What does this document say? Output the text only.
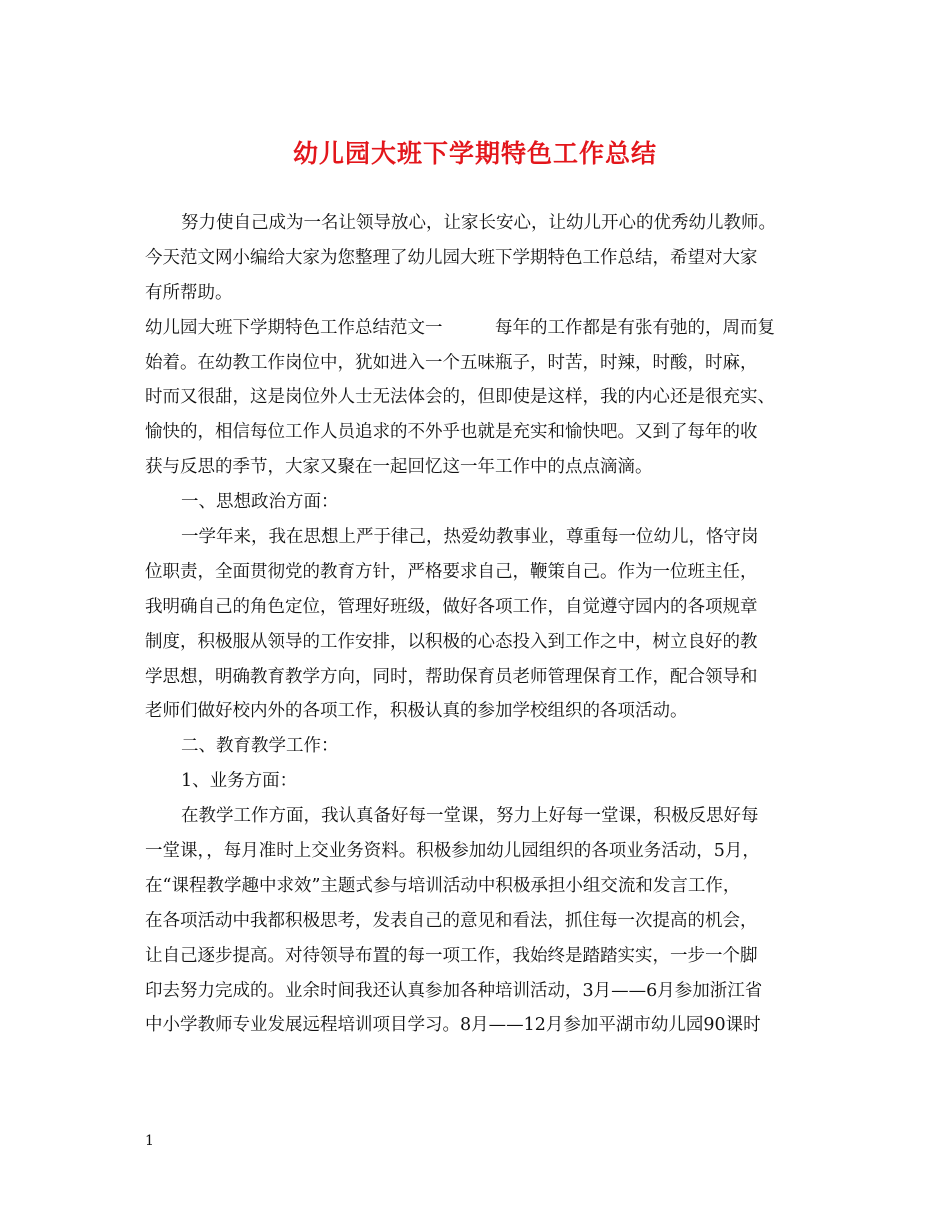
幼儿园大班下学期特色工作总结
努力使自己成为一名让领导放心，让家长安心，让幼儿开心的优秀幼儿教师。
今天范文网小编给大家为您整理了幼儿园大班下学期特色工作总结，希望对大家
有所帮助。
幼儿园大班下学期特色工作总结范文一　　　每年的工作都是有张有弛的，周而复
始着。在幼教工作岗位中，犹如进入一个五味瓶子，时苦，时辣，时酸，时麻，
时而又很甜，这是岗位外人士无法体会的，但即使是这样，我的内心还是很充实、
愉快的，相信每位工作人员追求的不外乎也就是充实和愉快吧。又到了每年的收
获与反思的季节，大家又聚在一起回忆这一年工作中的点点滴滴。
一、思想政治方面：
一学年来，我在思想上严于律己，热爱幼教事业，尊重每一位幼儿，恪守岗
位职责，全面贯彻党的教育方针，严格要求自己，鞭策自己。作为一位班主任，
我明确自己的角色定位，管理好班级，做好各项工作，自觉遵守园内的各项规章
制度，积极服从领导的工作安排，以积极的心态投入到工作之中，树立良好的教
学思想，明确教育教学方向，同时，帮助保育员老师管理保育工作，配合领导和
老师们做好校内外的各项工作，积极认真的参加学校组织的各项活动。
二、教育教学工作：
1、业务方面：
在教学工作方面，我认真备好每一堂课，努力上好每一堂课，积极反思好每
一堂课，，每月准时上交业务资料。积极参加幼儿园组织的各项业务活动，5月，
在“课程教学趣中求效”主题式参与培训活动中积极承担小组交流和发言工作，
在各项活动中我都积极思考，发表自己的意见和看法，抓住每一次提高的机会，
让自己逐步提高。对待领导布置的每一项工作，我始终是踏踏实实，一步一个脚
印去努力完成的。业余时间我还认真参加各种培训活动，3月——6月参加浙江省
中小学教师专业发展远程培训项目学习。8月——12月参加平湖市幼儿园90课时
1
